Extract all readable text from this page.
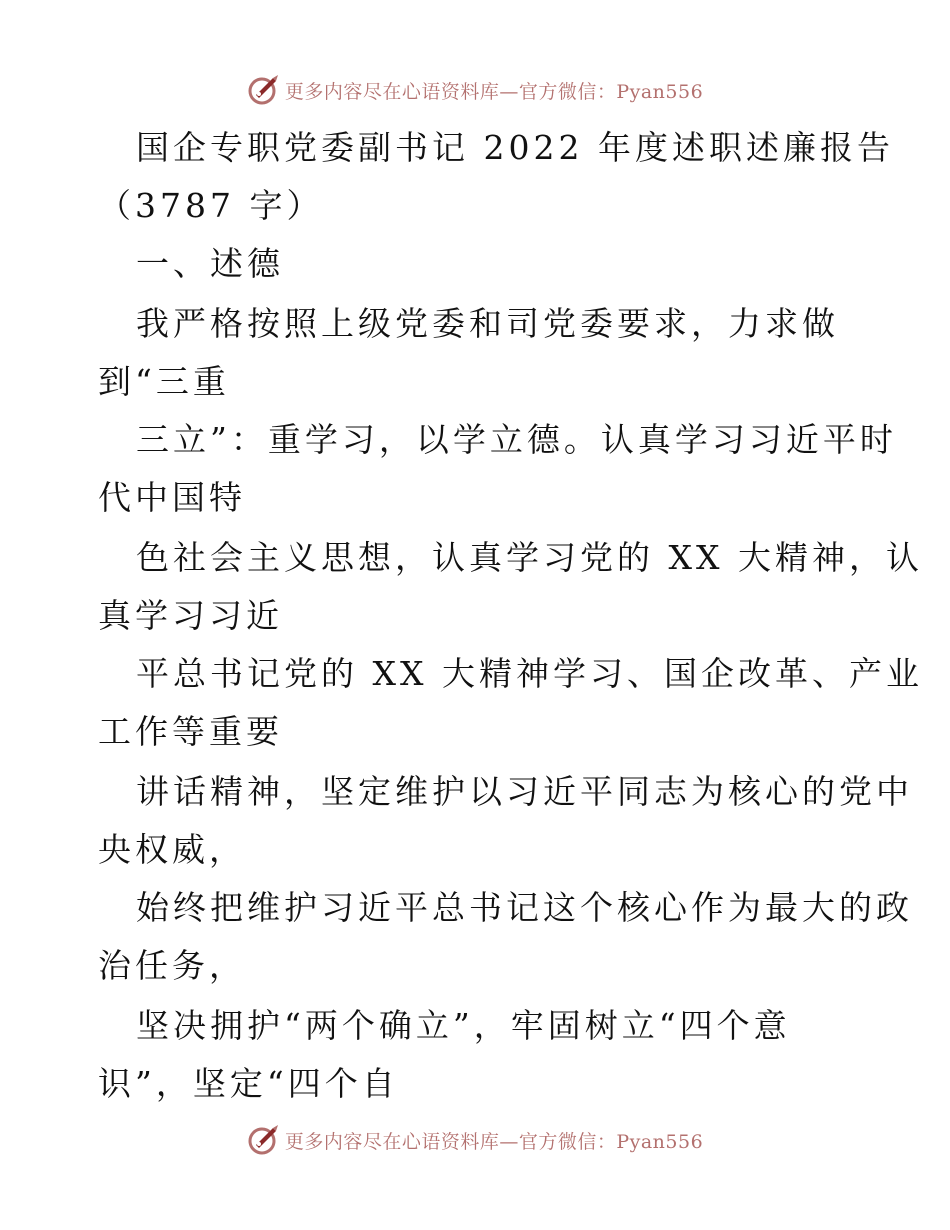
更多内容尽在心语资料库—官方微信：Pyan556
国企专职党委副书记 2022 年度述职述廉报告
（3787 字）
一、述德
我严格按照上级党委和司党委要求，力求做
到“三重
三立”：重学习，以学立德。认真学习习近平时
代中国特
色社会主义思想，认真学习党的 XX 大精神，认
真学习习近
平总书记党的 XX 大精神学习、国企改革、产业
工作等重要
讲话精神，坚定维护以习近平同志为核心的党中
央权威，
始终把维护习近平总书记这个核心作为最大的政
治任务，
坚决拥护“两个确立”，牢固树立“四个意
识”，坚定“四个自
更多内容尽在心语资料库—官方微信：Pyan556
